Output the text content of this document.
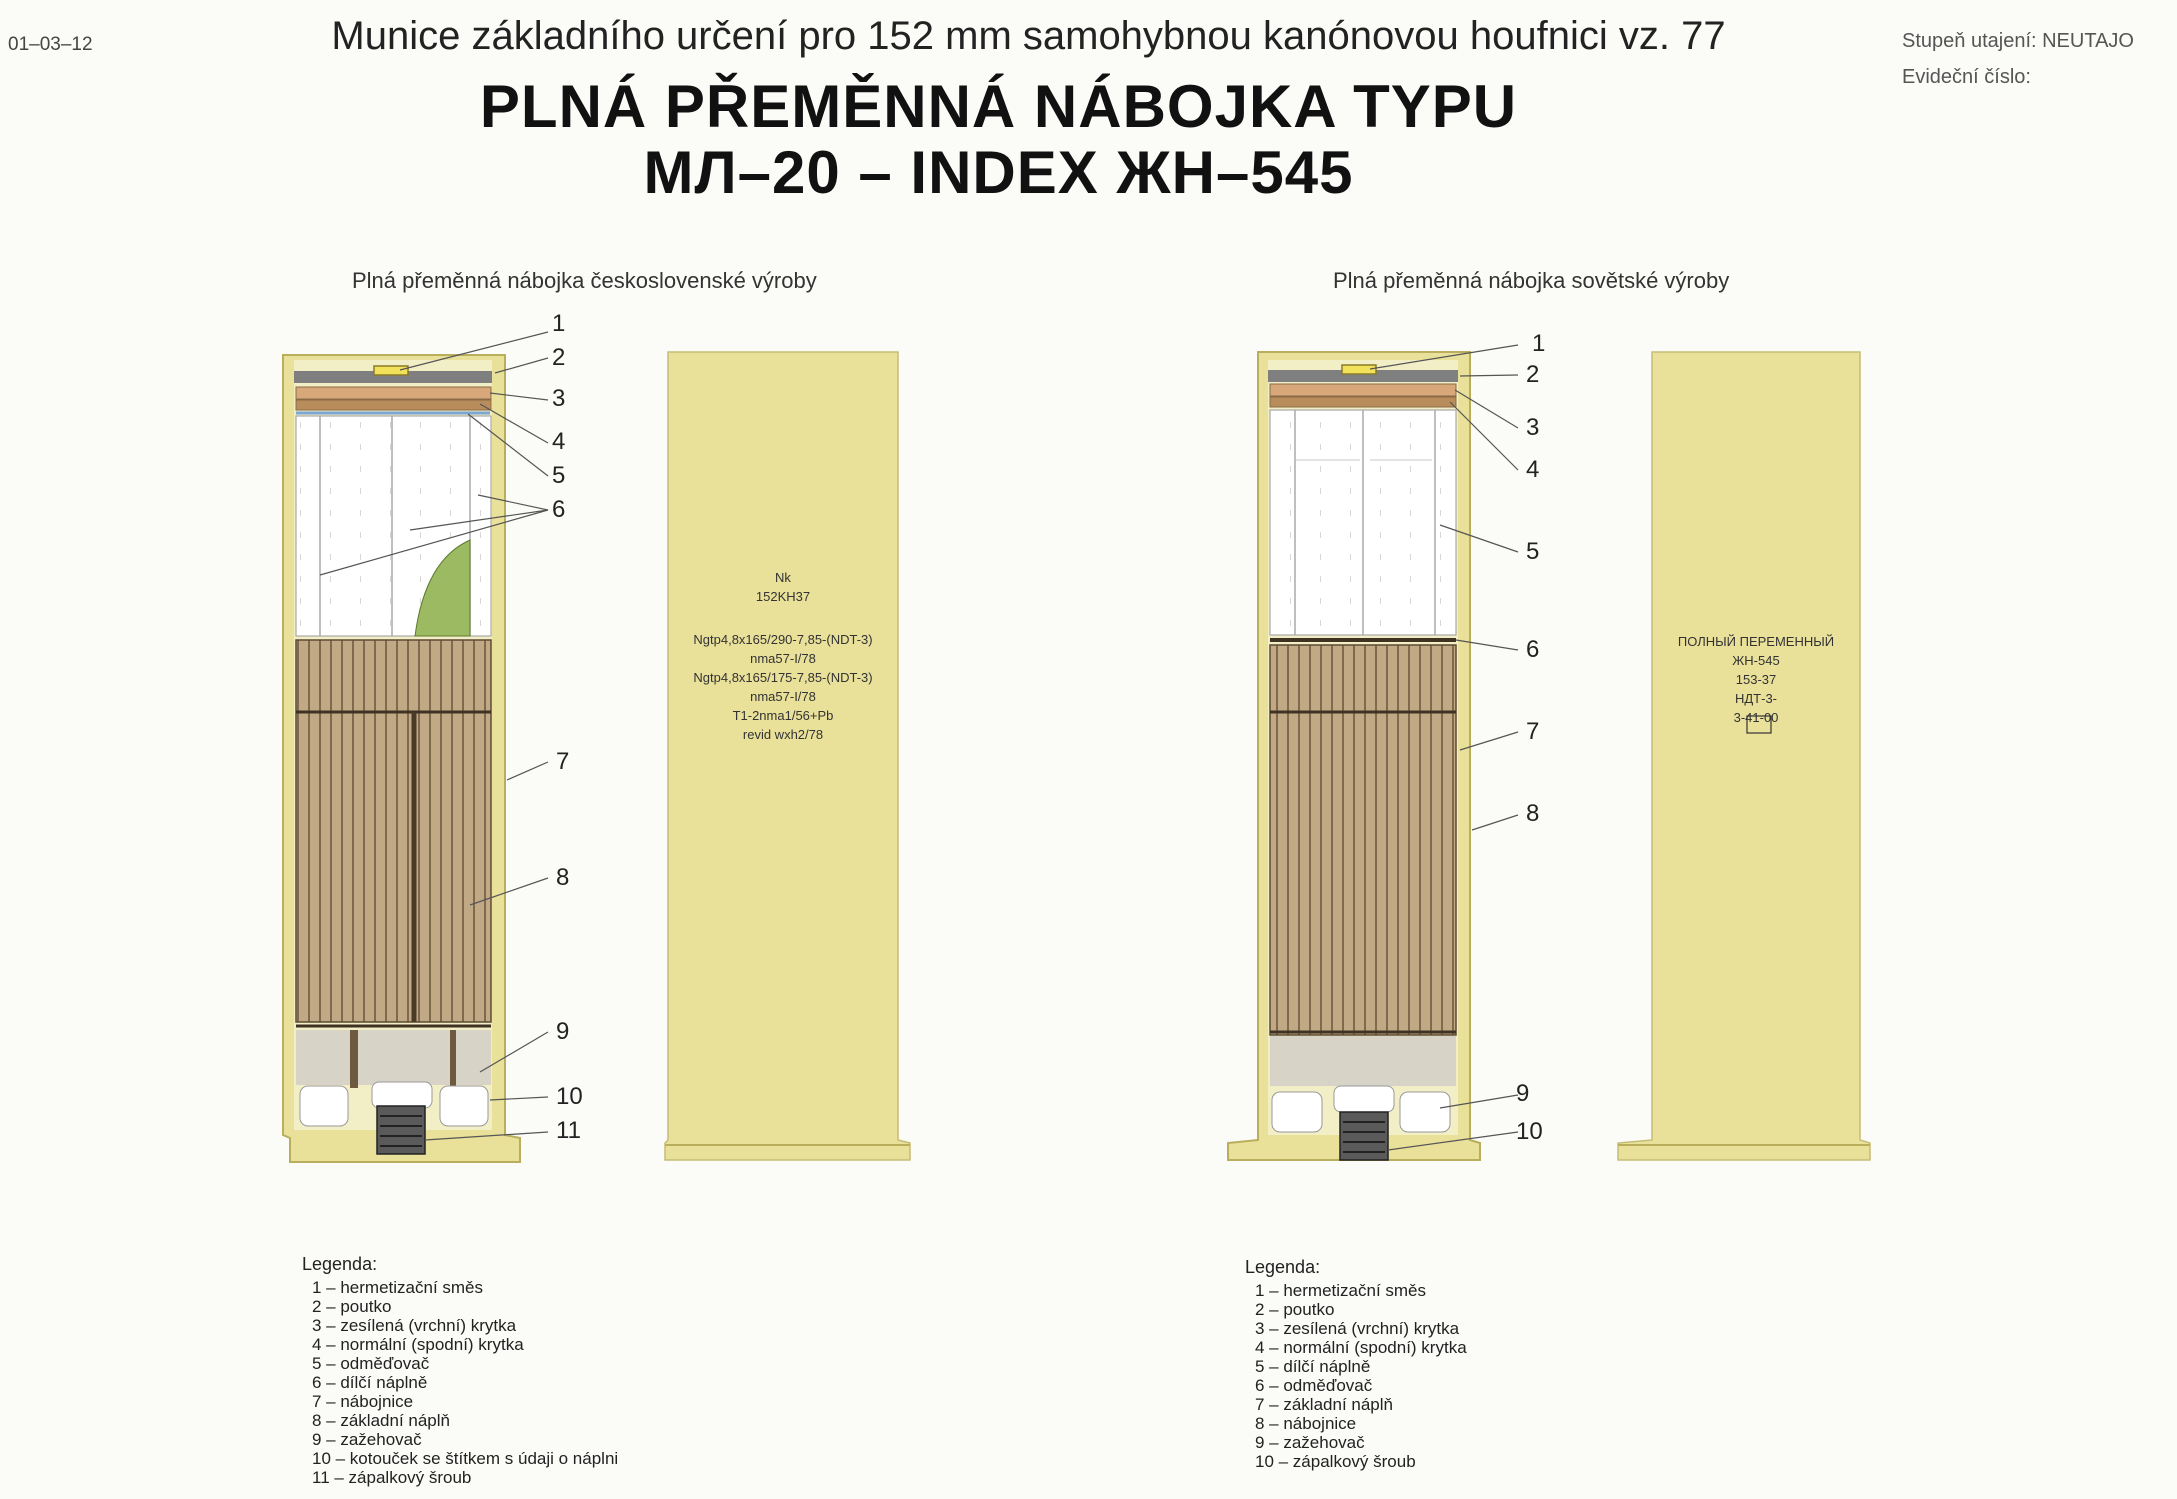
01–03–12	Munice základního určení pro 152 mm samohybnou kanónovou houfnici vz. 77
PLNÁ PŘEMĚNNÁ NÁBOJKA TYPU
МЛ–20 – INDEX ЖН–545
Stupeň utajení: NEUTAJO
Evideční číslo:
Plná přeměnná nábojka československé výroby	Plná přeměnná nábojka sovětské výroby
1
2
3
4
5
6
7
8
9
10
11
1
2
3
4
5
6
7
8
9
10
Nk
152KH37
Ngtp4,8x165/290-7,85-(NDT-3)
nma57-I/78
Ngtp4,8x165/175-7,85-(NDT-3)
nma57-I/78
T1-2nma1/56+Pb
revid wxh2/78
ПОЛНЫЙ ПЕРЕМЕННЫЙ
ЖН-545
153-37
НДТ-3-
3-41-00
Legenda:
1 – hermetizační směs
2 – poutko
3 – zesílená (vrchní) krytka
4 – normální (spodní) krytka
5 – odměďovač
6 – dílčí náplně
7 – nábojnice
8 – základní náplň
9 – zažehovač
10 – kotouček se štítkem s údaji o náplni
11 – zápalkový šroub
Legenda:
1 – hermetizační směs
2 – poutko
3 – zesílená (vrchní) krytka
4 – normální (spodní) krytka
5 – dílčí náplně
6 – odměďovač
7 – základní náplň
8 – nábojnice
9 – zažehovač
10 – zápalkový šroub
